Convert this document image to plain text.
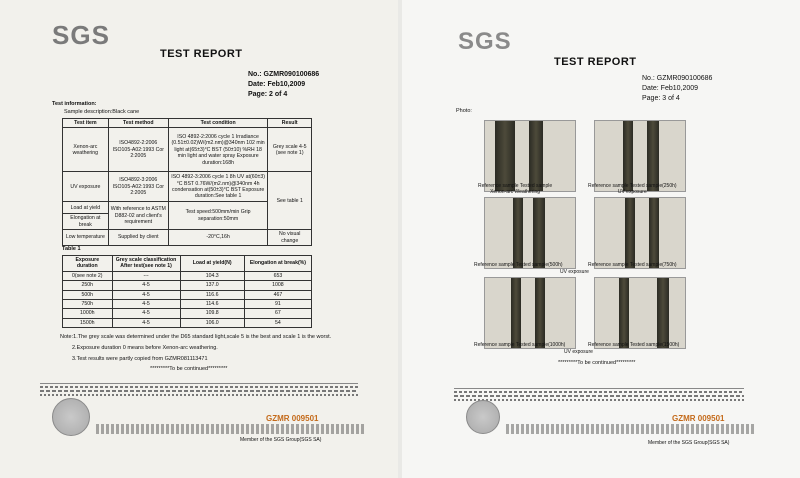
SGS
TEST REPORT
No.: GZMR090100686
Date: Feb10,2009
Page: 2 of 4
Test information:
Sample description:Black cane
Test item	Test method	Test condition	Result
Xenon-arc weathering	ISO4892-2:2006 ISO105-A02:1993 Cor 2:2005	ISO 4892-2:2006 cycle 1 Irradiance (0.51±0.02)W/(m2.nm)@340nm 102 min light at(65±3)°C BST (50±10) %RH 18 min light and water spray Exposure duration:168h	Grey scale 4-5 (see note 1)
UV exposure	ISO4892-3:2006 ISO105-A02:1993 Cor 2:2005	ISO 4892-3:2006 cycle 1 8h UV at(60±3)°C BST 0.76W/(m2.nm)@340nm 4h condensation at(50±3)°C BST Exposure duration:See table 1	See table 1
Load at yield	With reference to ASTM D882-02 and client's requirement	Test speed:500mm/min Grip separation:50mm	
Elongation at break			
Low temperature	Supplied by client	-20°C,16h	No visual change
Table 1
Exposure duration	Grey scale classification After test(see note 1)	Load at yield(N)	Elongation at break(%)
0(see note 2)	---	104.3	653
250h	4-5	137.0	1008
500h	4-5	116.6	467
750h	4-5	114.6	91
1000h	4-5	109.8	67
1500h	4-5	106.0	54
Note:1.The grey scale was determined under the D65 standard light,scale 5 is the best and scale 1 is the worst.
2.Exposure duration 0 means before Xenon-arc weathering.
3.Test results were partly copied from GZMR081113471
*********To be continued*********
GZMR 009501
Member of the SGS Group(SGS SA)
SGS
TEST REPORT
No.: GZMR090100686
Date: Feb10,2009
Page: 3 of 4
Photo:
Reference sample Tested sample
Xenon-arc Weathering
Reference sample Tested sample(250h)
UV exposure
Reference sample Tested sample(500h)	Reference sample Tested sample(750h)
UV exposure
Reference sample Tested sample(1000h)	Reference sample Tested sample(1500h)
UV exposure
*********To be continued*********
GZMR 009501
Member of the SGS Group(SGS SA)
